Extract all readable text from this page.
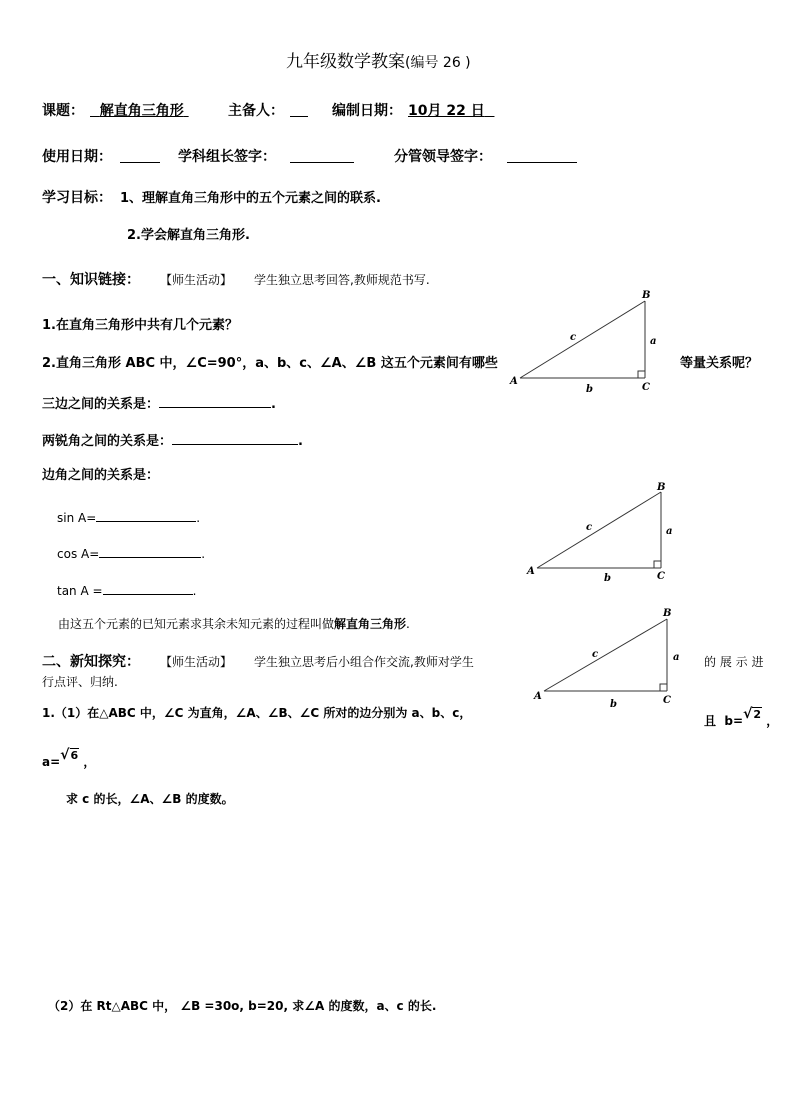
九年级数学教案(编号 26 )
课题：	解直角三角形	主备人：	编制日期： 10月 22 日
使用日期：	学科组长签字：	分管领导签字：
学习目标： 1、理解直角三角形中的五个元素之间的联系.
2.学会解直角三角形.
一、知识链接： 【师生活动】 学生独立思考回答,教师规范书写.
1.在直角三角形中共有几个元素？
2.直角三角形 ABC 中，∠C=90°，a、b、c、∠A、∠B 这五个元素间有哪些	等量关系呢？
三边之间的关系是：	.
两锐角之间的关系是：	.
边角之间的关系是：
sin A=	.
cos A=	.
tan A =	.
由这五个元素的已知元素求其余未知元素的过程叫做解直角三角形.
二、新知探究： 【师生活动】 学生独立思考后小组合作交流,教师对学生	的 展 示 进
行点评、归纳.
1.（1）在△ABC 中，∠C 为直角，∠A、∠B、∠C 所对的边分别为 a、b、c，
且 b=√2 ，
a=√6 ，
求 c 的长，∠A、∠B 的度数。
（2）在 Rt△ABC 中， ∠B =30o, b=20, 求∠A 的度数，a、c 的长.
A
B
C
a
b
c
A
B
C
a
b
c
A
B
C
a
b
c
